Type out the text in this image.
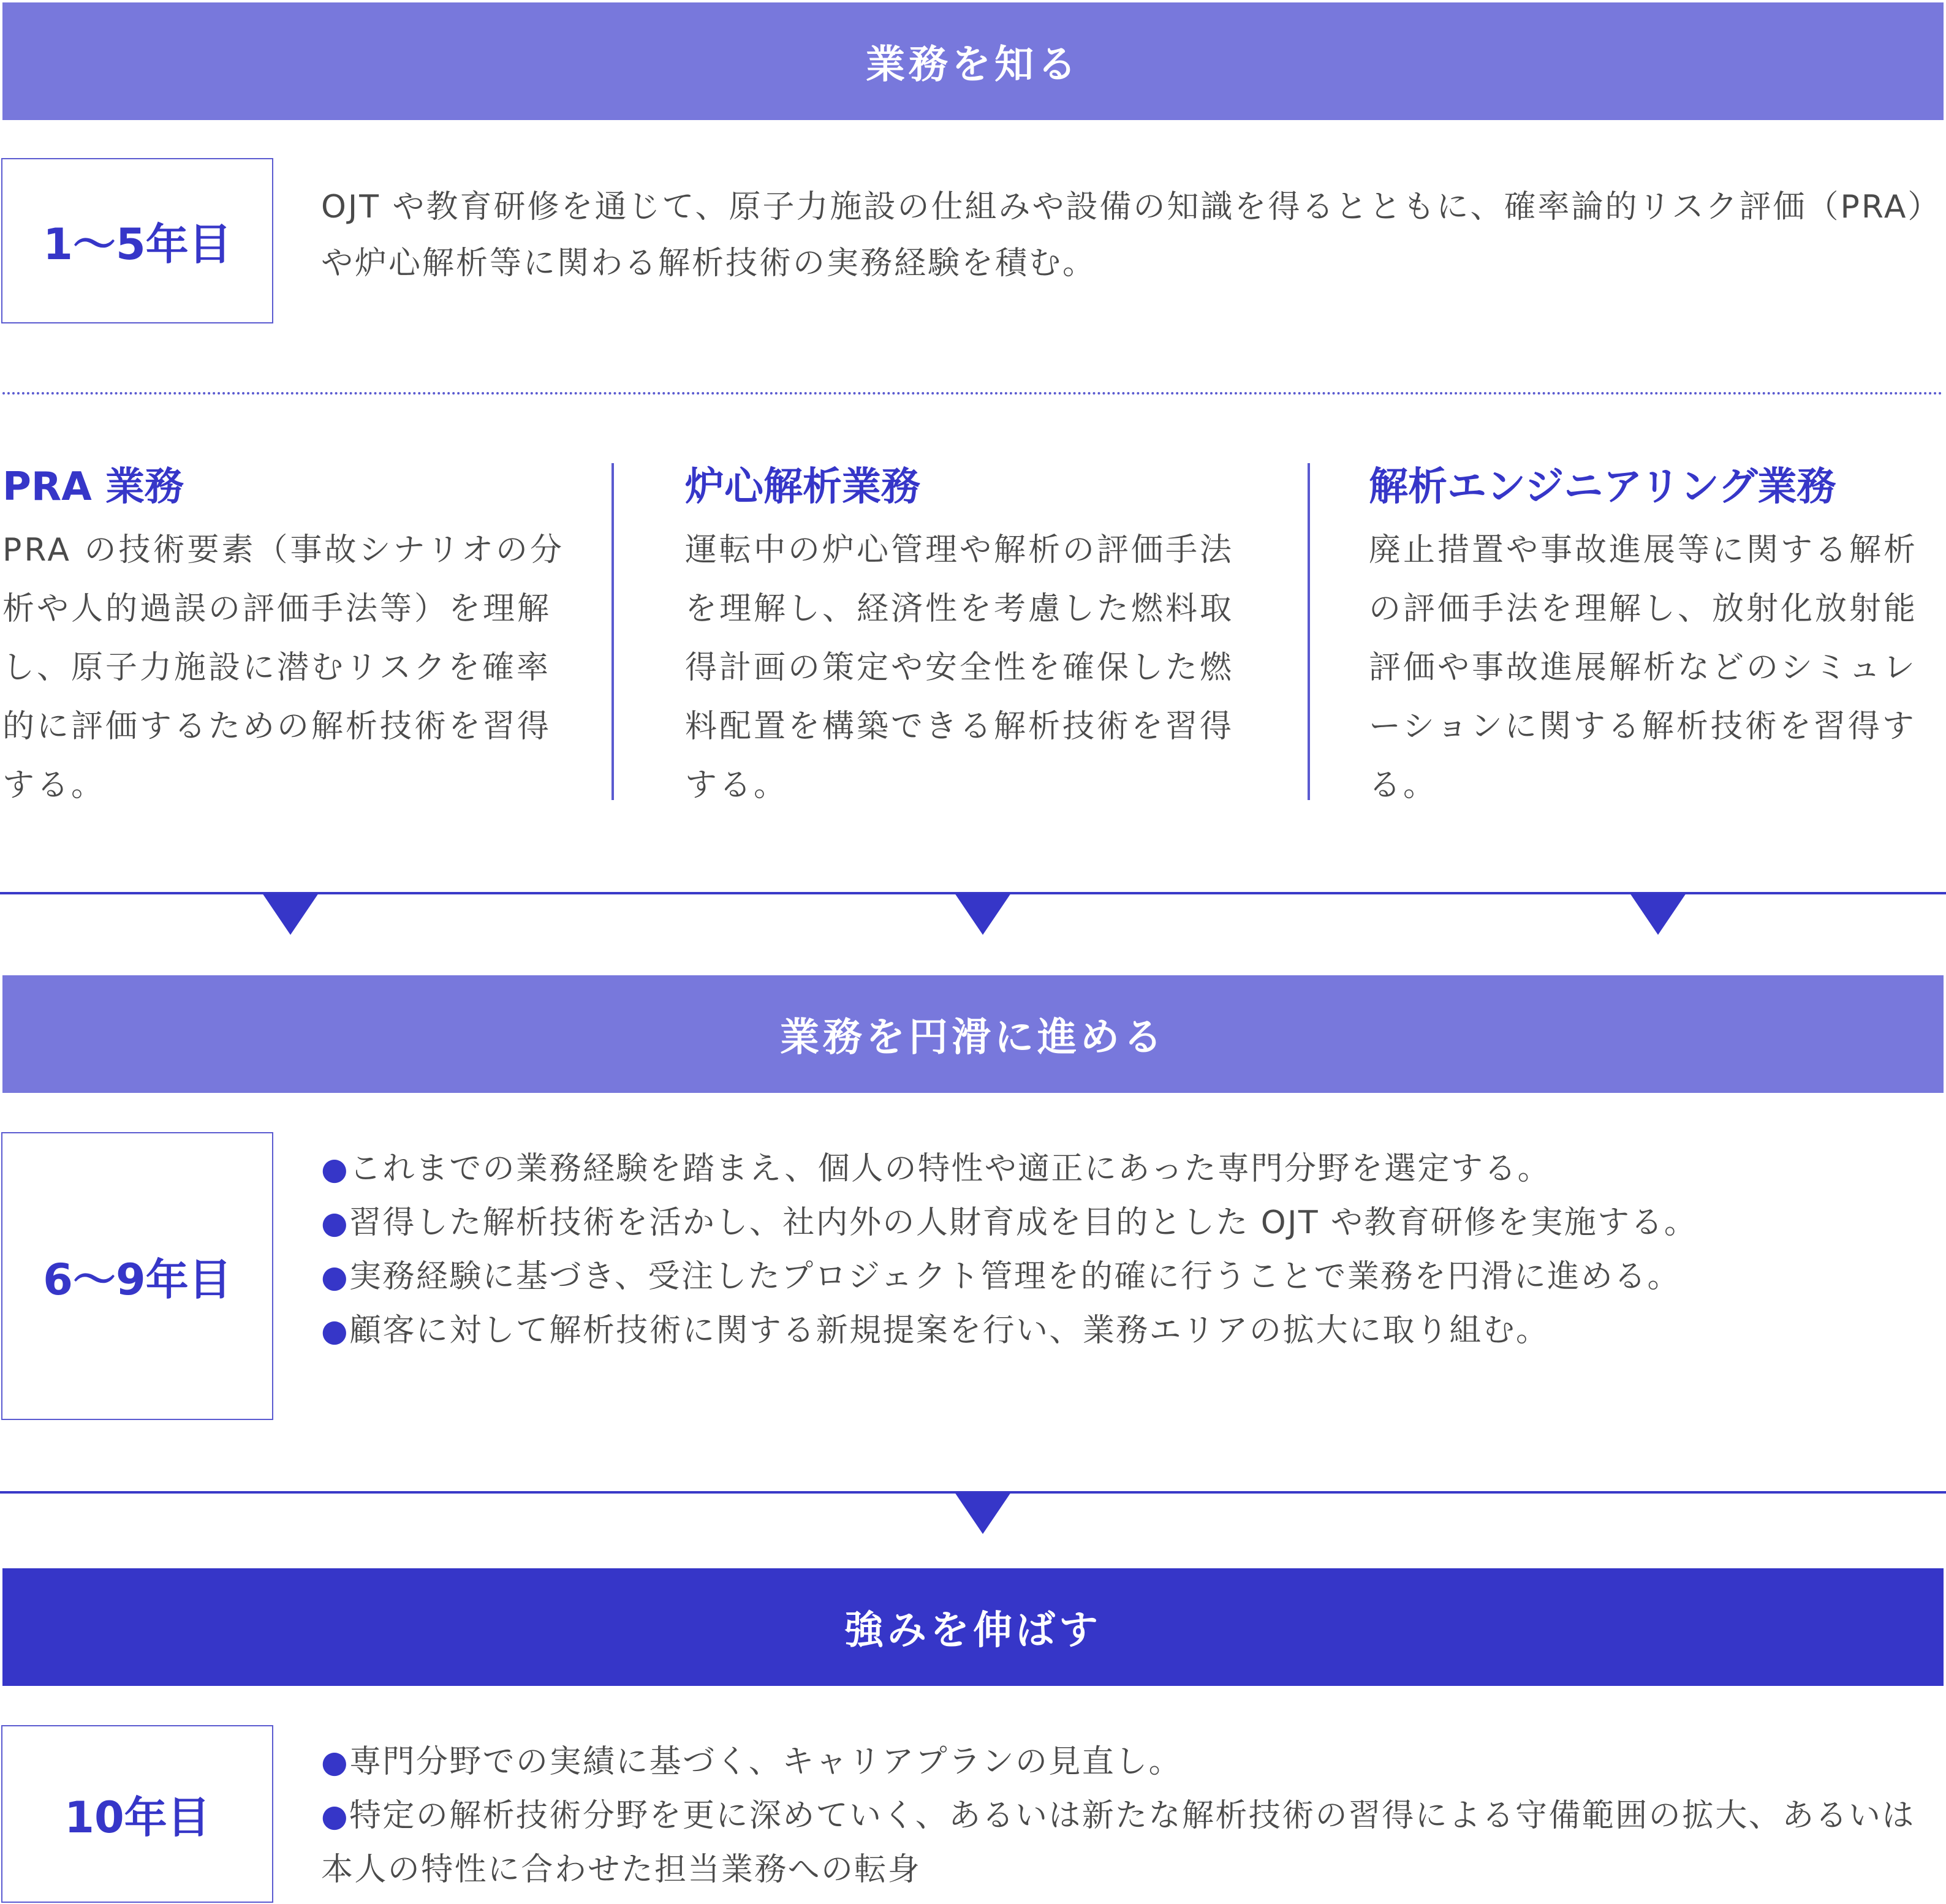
業務を知る
1～5年目
OJT や教育研修を通じて、原子力施設の仕組みや設備の知識を得るとともに、確率論的リスク評価（PRA）や炉心解析等に関わる解析技術の実務経験を積む。
PRA 業務

PRA の技術要素（事故シナリオの分析や人的過誤の評価手法等）を理解し、原子力施設に潜むリスクを確率的に評価するための解析技術を習得する。

炉心解析業務

運転中の炉心管理や解析の評価手法を理解し、経済性を考慮した燃料取得計画の策定や安全性を確保した燃料配置を構築できる解析技術を習得する。

解析エンジニアリング業務

廃止措置や事故進展等に関する解析の評価手法を理解し、放射化放射能評価や事故進展解析などのシミュレーションに関する解析技術を習得する。

業務を円滑に進める
6～9年目
●これまでの業務経験を踏まえ、個人の特性や適正にあった専門分野を選定する。
●習得した解析技術を活かし、社内外の人財育成を目的とした OJT や教育研修を実施する。
●実務経験に基づき、受注したプロジェクト管理を的確に行うことで業務を円滑に進める。
●顧客に対して解析技術に関する新規提案を行い、業務エリアの拡大に取り組む。
強みを伸ばす
10年目
●専門分野での実績に基づく、キャリアプランの見直し。
●特定の解析技術分野を更に深めていく、あるいは新たな解析技術の習得による守備範囲の拡大、あるいは本人の特性に合わせた担当業務への転身
